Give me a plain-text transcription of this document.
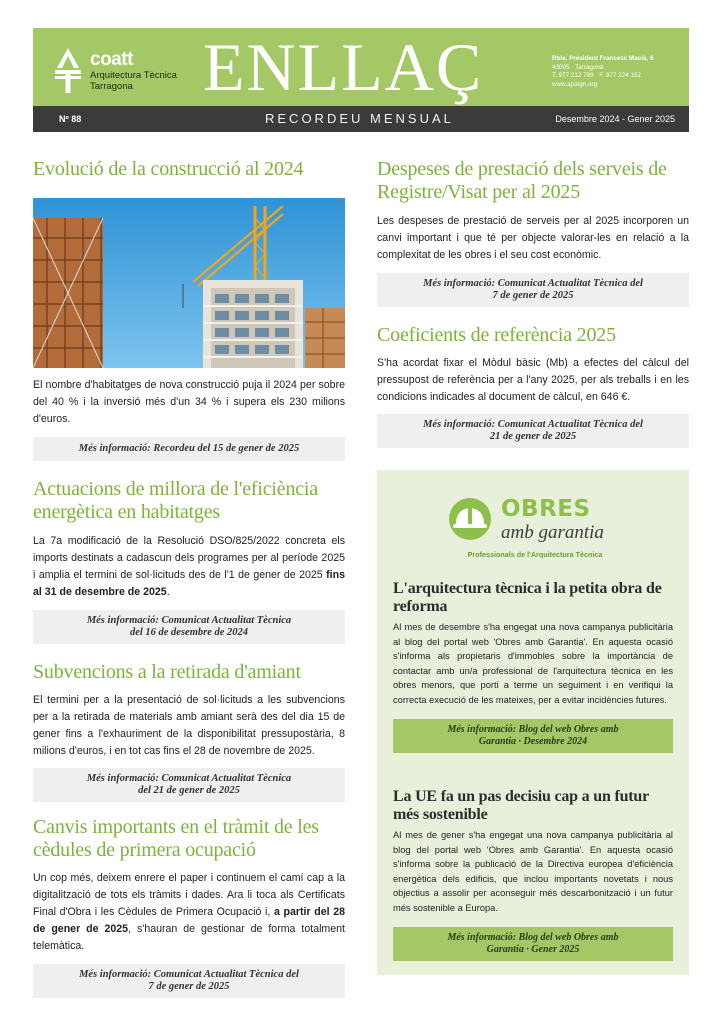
coatt
Arquitectura Tècnica
Tarragona	ENLLAÇ	Rbla. President Francesc Macià, 6
43005 · Tarragona
T. 977 212 799 · F. 977 224 152
www.apatgn.org
Nº 88	RECORDEU MENSUAL	Desembre 2024 - Gener 2025
Evolució de la construcció al 2024

El nombre d'habitatges de nova construcció puja il 2024 per sobre del 40 % i la inversió més d'un 34 % i supera els 230 milions d'euros.

Més informació: Recordeu del 15 de gener de 2025
Actuacions de millora de l'eficiència energètica en habitatges

La 7a modificació de la Resolució DSO/825/2022 concreta els imports destinats a cadascun dels programes per al període 2025 i amplia el termini de sol·licituds des de l'1 de gener de 2025 fins al 31 de desembre de 2025.

Més informació: Comunicat Actualitat Tècnica
del 16 de desembre de 2024
Subvencions a la retirada d'amiant

El termini per a la presentació de sol·licituds a les subvencions per a la retirada de materials amb amiant serà des del dia 15 de gener fins a l'exhauriment de la disponibilitat pressupostària, 8 milions d'euros, i en tot cas fins el 28 de novembre de 2025.

Més informació: Comunicat Actualitat Tècnica
del 21 de gener de 2025
Canvis importants en el tràmit de les cèdules de primera ocupació

Un cop més, deixem enrere el paper i continuem el camí cap a la digitalització de tots els tràmits i dades. Ara li toca als Certificats Final d'Obra i les Cèdules de Primera Ocupació i, a partir del 28 de gener de 2025, s'hauran de gestionar de forma totalment telemàtica.

Més informació: Comunicat Actualitat Tècnica del
7 de gener de 2025
Despeses de prestació dels serveis de Registre/Visat per al 2025

Les despeses de prestació de serveis per al 2025 incorporen un canvi important i que té per objecte valorar-les en relació a la complexitat de les obres i el seu cost econòmic.

Més informació: Comunicat Actualitat Tècnica del
7 de gener de 2025
Coeficients de referència 2025

S'ha acordat fixar el Mòdul bàsic (Mb) a efectes del càlcul del pressupost de referència per a l'any 2025, per als treballs i en les condicions indicades al document de càlcul, en 646 €.

Més informació: Comunicat Actualitat Tècnica del
21 de gener de 2025
OBRES
amb garantia
Professionals de l'Arquitectura Tècnica
L'arquitectura tècnica i la petita obra de reforma

Al mes de desembre s'ha engegat una nova campanya publicitària al blog del portal web 'Obres amb Garantia'. En aquesta ocasió s'informa als propietaris d'immobles sobre la importància de contactar amb un/a professional de l'arquitectura tècnica en les obres menors, que porti a terme un seguiment i en verifiqui la correcta execució de les mateixes, per a evitar incidències futures.

Més informació: Blog del web Obres amb
Garantia · Desembre 2024
La UE fa un pas decisiu cap a un futur més sostenible

Al mes de gener s'ha engegat una nova campanya publicitària al blog del portal web 'Obres amb Garantia'. En aquesta ocasió s'informa sobre la publicació de la Directiva europea d'eficiència energètica dels edificis, que inclou importants novetats i nous objectius a assolir per aconseguir més descarbonització i un futur més sostenible a Europa.

Més informació: Blog del web Obres amb
Garantia · Gener 2025
